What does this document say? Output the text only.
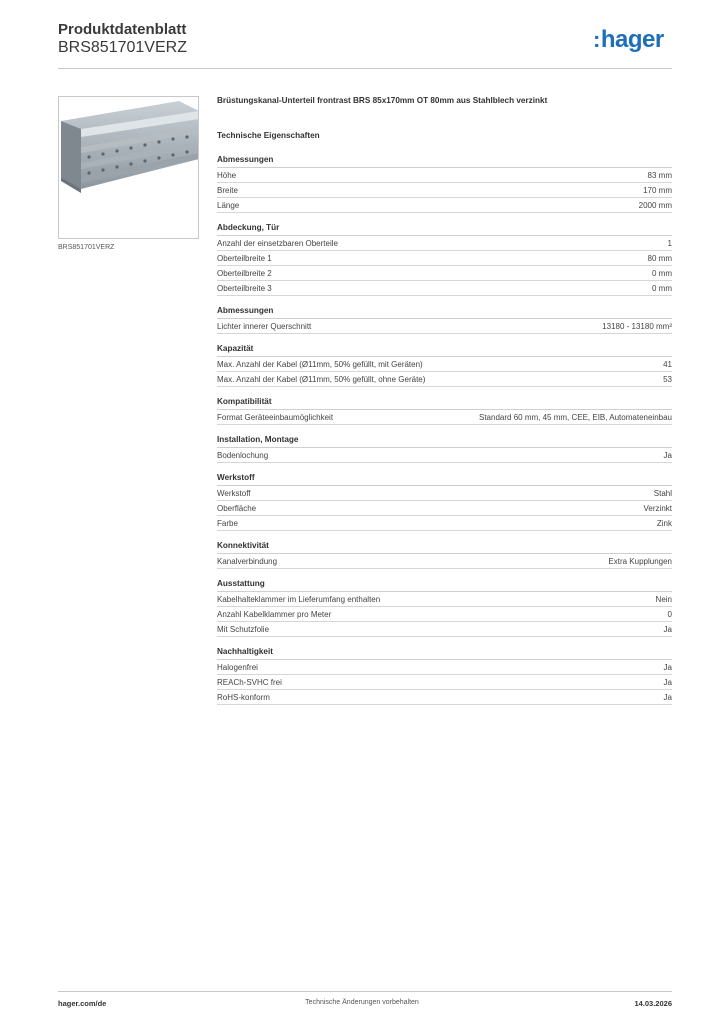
Produktdatenblatt
BRS851701VERZ	:hager
BRS851701VERZ
Brüstungskanal-Unterteil frontrast BRS 85x170mm OT 80mm aus Stahlblech verzinkt
Technische Eigenschaften
Abmessungen
Höhe	83 mm
Breite	170 mm
Länge	2000 mm
Abdeckung, Tür
Anzahl der einsetzbaren Oberteile	1
Oberteilbreite 1	80 mm
Oberteilbreite 2	0 mm
Oberteilbreite 3	0 mm
Abmessungen
Lichter innerer Querschnitt	13180 - 13180 mm²
Kapazität
Max. Anzahl der Kabel (Ø11mm, 50% gefüllt, mit Geräten)	41
Max. Anzahl der Kabel (Ø11mm, 50% gefüllt, ohne Geräte)	53
Kompatibilität
Format Geräteeinbaumöglichkeit	Standard 60 mm, 45 mm, CEE, EIB, Automateneinbau
Installation, Montage
Bodenlochung	Ja
Werkstoff
Werkstoff	Stahl
Oberfläche	Verzinkt
Farbe	Zink
Konnektivität
Kanalverbindung	Extra Kupplungen
Ausstattung
Kabelhalteklammer im Lieferumfang enthalten	Nein
Anzahl Kabelklammer pro Meter	0
Mit Schutzfolie	Ja
Nachhaltigkeit
Halogenfrei	Ja
REACh-SVHC frei	Ja
RoHS-konform	Ja
hager.com/de	Technische Änderungen vorbehalten	14.03.2026
